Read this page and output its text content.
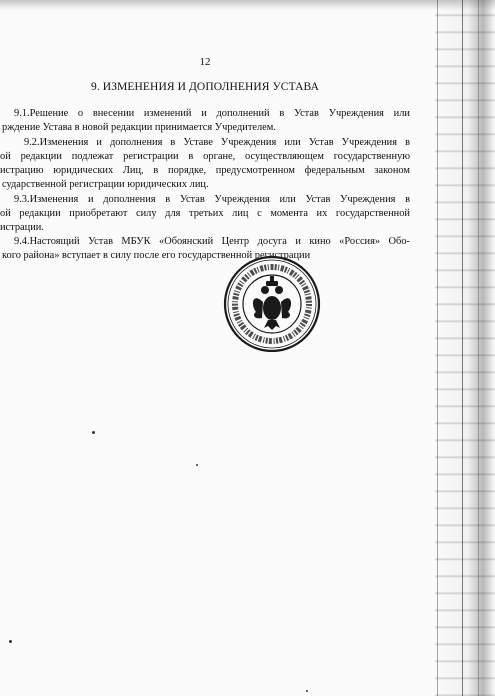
12
9. ИЗМЕНЕНИЯ И ДОПОЛНЕНИЯ УСТАВА
9.1.Решение о внесении изменений и дополнений в Устав Учреждения или
рждение Устава в новой редакции принимается Учредителем.
9.2.Изменения и дополнения в Уставе Учреждения или Устав Учреждения в
ой редакции подлежат регистрации в органе, осуществляющем государственную
истрацию юридических Лиц, в порядке, предусмотренном федеральным законом
сударственной регистрации юридических лиц.
9.3.Изменения и дополнения в Устав Учреждения или Устав Учреждения в
ой редакции приобретают силу для третьих лиц с момента их государственной
истрации.
9.4.Настоящий Устав МБУК «Обоянский Центр досуга и кино «Россия» Обо-
кого района» вступает в силу после его государственной регистрации
